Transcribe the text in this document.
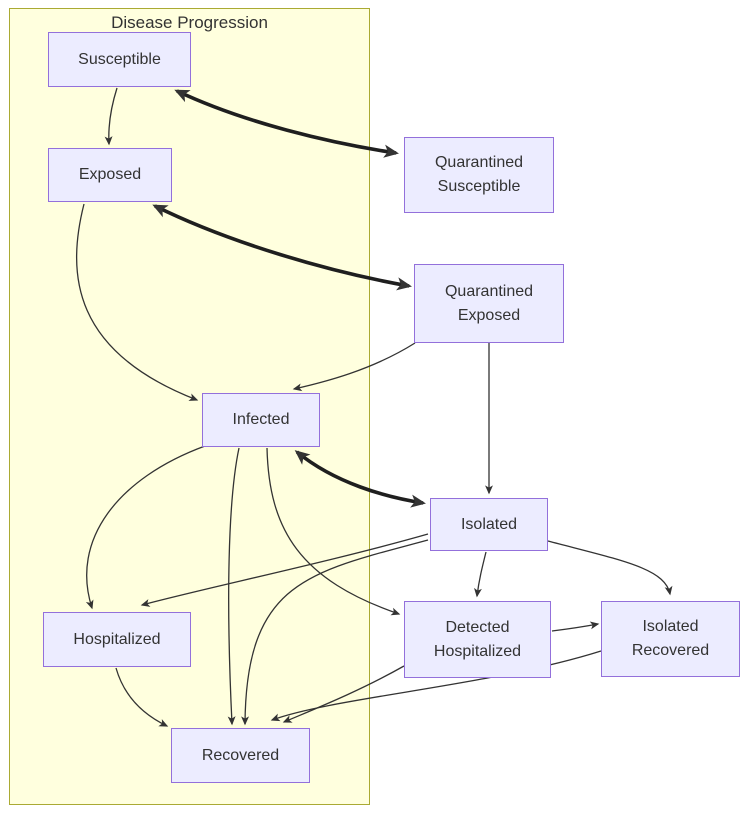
Disease Progression
Susceptible
Exposed
Infected
Hospitalized
Recovered
Quarantined
Susceptible
Quarantined
Exposed
Isolated
Detected
Hospitalized
Isolated
Recovered
